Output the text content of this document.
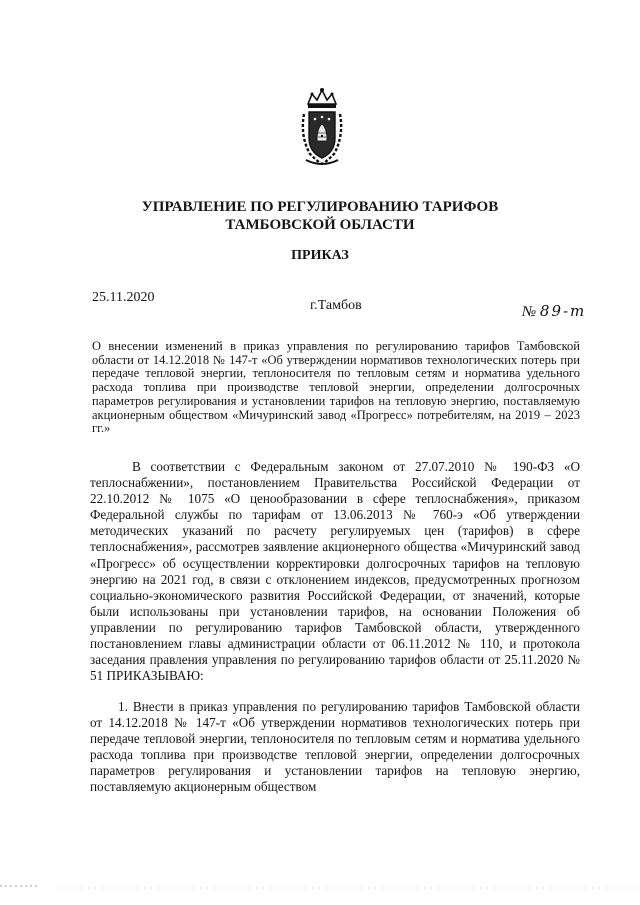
УПРАВЛЕНИЕ ПО РЕГУЛИРОВАНИЮ ТАРИФОВ
ТАМБОВСКОЙ ОБЛАСТИ
ПРИКАЗ
25.11.2020
г.Тамбов	№ 89-т
О внесении изменений в приказ управления по регулированию тарифов Тамбовской области от 14.12.2018 № 147-т «Об утверждении нормативов технологических потерь при передаче тепловой энергии, теплоносителя по тепловым сетям и норматива удельного расхода топлива при производстве тепловой энергии, определении долгосрочных параметров регулирования и установлении тарифов на тепловую энергию, поставляемую акционерным обществом «Мичуринский завод «Прогресс» потребителям, на 2019 – 2023 гг.»
В соответствии с Федеральным законом от 27.07.2010 № 190-ФЗ «О теплоснабжении», постановлением Правительства Российской Федерации от 22.10.2012 № 1075 «О ценообразовании в сфере теплоснабжения», приказом Федеральной службы по тарифам от 13.06.2013 № 760-э «Об утверждении методических указаний по расчету регулируемых цен (тарифов) в сфере теплоснабжения», рассмотрев заявление акционерного общества «Мичуринский завод «Прогресс» об осуществлении корректировки долгосрочных тарифов на тепловую энергию на 2021 год, в связи с отклонением индексов, предусмотренных прогнозом социально-экономического развития Российской Федерации, от значений, которые были использованы при установлении тарифов, на основании Положения об управлении по регулированию тарифов Тамбовской области, утвержденного постановлением главы администрации области от 06.11.2012 № 110, и протокола заседания правления управления по регулированию тарифов области от 25.11.2020 № 51 ПРИКАЗЫВАЮ:
1. Внести в приказ управления по регулированию тарифов Тамбовской области от 14.12.2018 № 147-т «Об утверждении нормативов технологических потерь при передаче тепловой энергии, теплоносителя по тепловым сетям и норматива удельного расхода топлива при производстве тепловой энергии, определении долгосрочных параметров регулирования и установлении тарифов на тепловую энергию, поставляемую акционерным обществом
